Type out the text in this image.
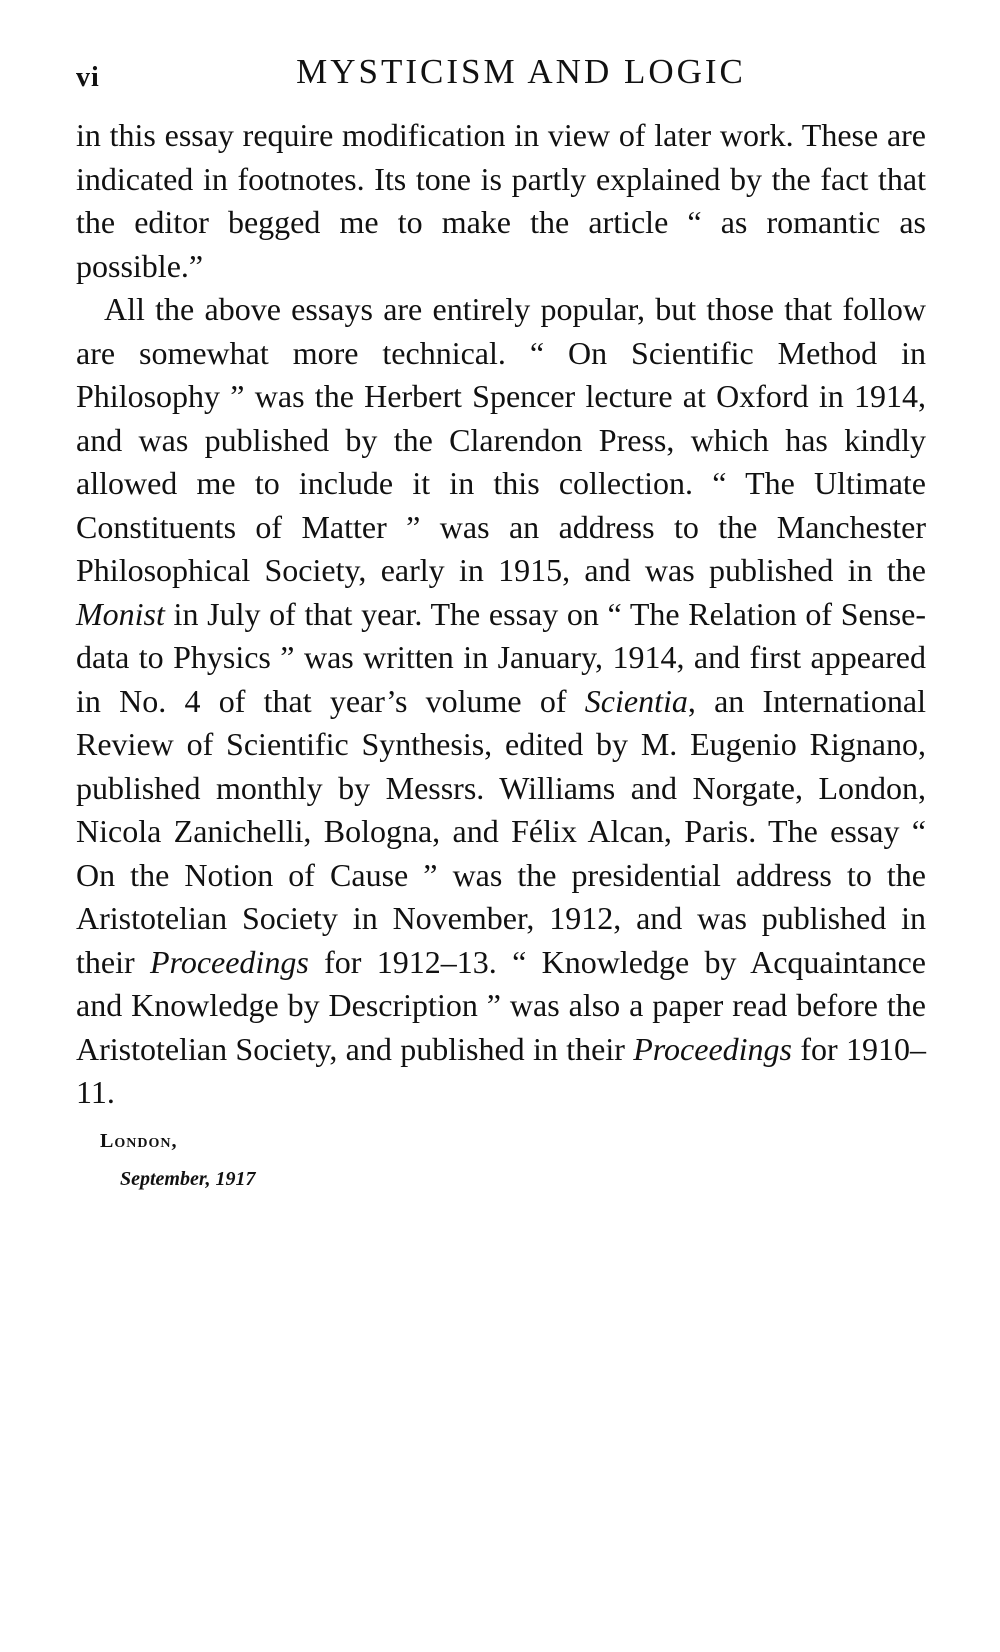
vi	MYSTICISM AND LOGIC

in this essay require modification in view of later work. These are indicated in footnotes. Its tone is partly explained by the fact that the editor begged me to make the article “ as romantic as possible.”

All the above essays are entirely popular, but those that follow are somewhat more technical. “ On Scientific Method in Philosophy ” was the Herbert Spencer lecture at Oxford in 1914, and was published by the Clarendon Press, which has kindly allowed me to include it in this collection. “ The Ultimate Constituents of Matter ” was an address to the Manchester Philosophical Society, early in 1915, and was published in the Monist in July of that year. The essay on “ The Relation of Sense-data to Physics ” was written in January, 1914, and first appeared in No. 4 of that year’s volume of Scientia, an International Review of Scientific Synthesis, edited by M. Eugenio Rignano, published monthly by Messrs. Williams and Norgate, London, Nicola Zanichelli, Bologna, and Félix Alcan, Paris. The essay “ On the Notion of Cause ” was the presidential address to the Aristotelian Society in November, 1912, and was published in their Proceedings for 1912–13. “ Knowledge by Acquaintance and Knowledge by Description ” was also a paper read before the Aristotelian Society, and published in their Proceedings for 1910–11.

London,
September, 1917
